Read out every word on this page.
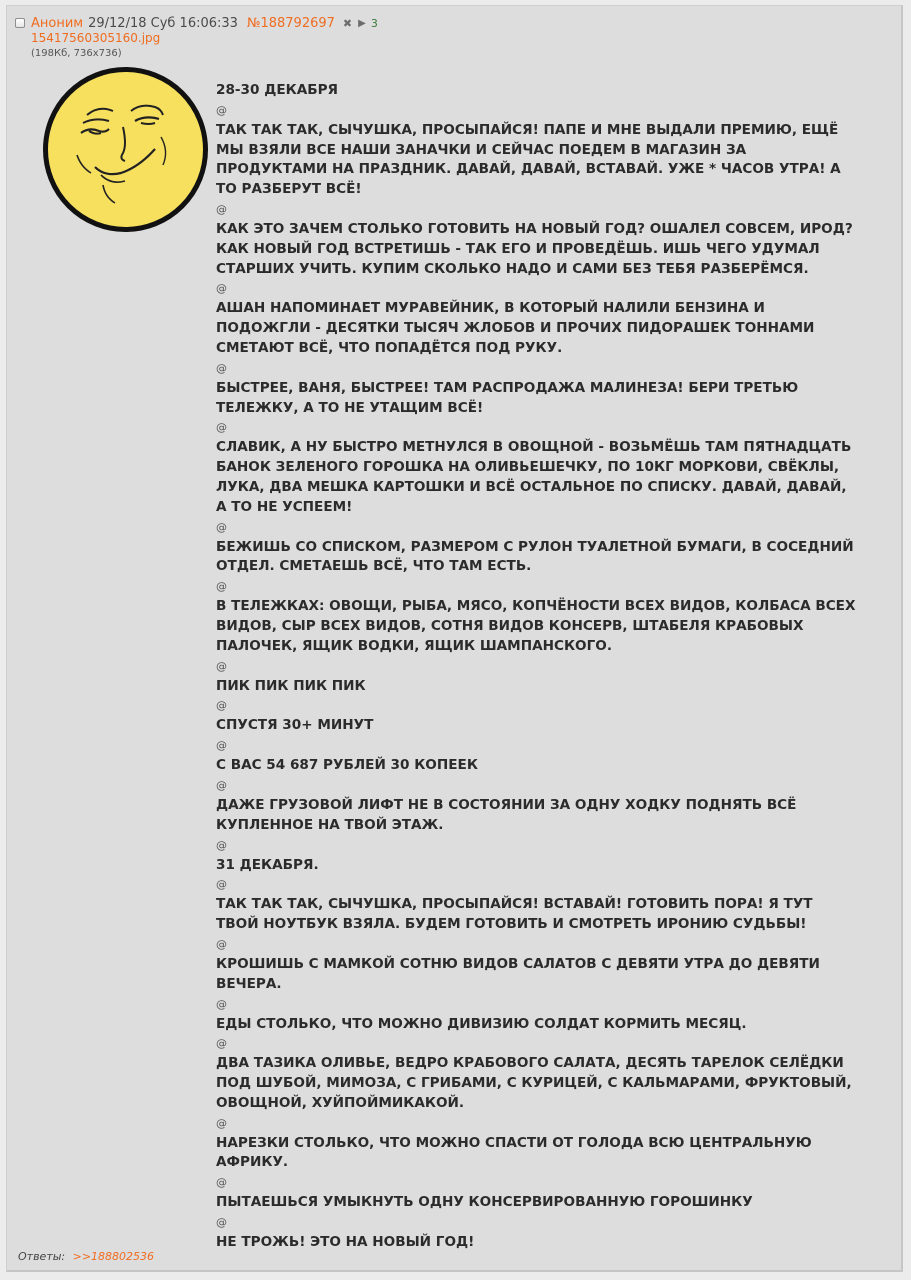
Аноним 29/12/18 Суб 16:06:33 №188792697 ✖ ▶ 3
15417560305160.jpg
(198Кб, 736x736)
28-30 ДЕКАБРЯ
@
ТАК ТАК ТАК, СЫЧУШКА, ПРОСЫПАЙСЯ! ПАПЕ И МНЕ ВЫДАЛИ ПРЕМИЮ, ЕЩЁ МЫ ВЗЯЛИ ВСЕ НАШИ ЗАНАЧКИ И СЕЙЧАС ПОЕДЕМ В МАГАЗИН ЗА ПРОДУКТАМИ НА ПРАЗДНИК. ДАВАЙ, ДАВАЙ, ВСТАВАЙ. УЖЕ * ЧАСОВ УТРА! А ТО РАЗБЕРУТ ВСЁ!
@
КАК ЭТО ЗАЧЕМ СТОЛЬКО ГОТОВИТЬ НА НОВЫЙ ГОД? ОШАЛЕЛ СОВСЕМ, ИРОД? КАК НОВЫЙ ГОД ВСТРЕТИШЬ - ТАК ЕГО И ПРОВЕДЁШЬ. ИШЬ ЧЕГО УДУМАЛ СТАРШИХ УЧИТЬ. КУПИМ СКОЛЬКО НАДО И САМИ БЕЗ ТЕБЯ РАЗБЕРЁМСЯ.
@
АШАН НАПОМИНАЕТ МУРАВЕЙНИК, В КОТОРЫЙ НАЛИЛИ БЕНЗИНА И ПОДОЖГЛИ - ДЕСЯТКИ ТЫСЯЧ ЖЛОБОВ И ПРОЧИХ ПИДОРАШЕК ТОННАМИ СМЕТАЮТ ВСЁ, ЧТО ПОПАДЁТСЯ ПОД РУКУ.
@
БЫСТРЕЕ, ВАНЯ, БЫСТРЕЕ! ТАМ РАСПРОДАЖА МАЛИНЕЗА! БЕРИ ТРЕТЬЮ ТЕЛЕЖКУ, А ТО НЕ УТАЩИМ ВСЁ!
@
СЛАВИК, А НУ БЫСТРО МЕТНУЛСЯ В ОВОЩНОЙ - ВОЗЬМЁШЬ ТАМ ПЯТНАДЦАТЬ БАНОК ЗЕЛЕНОГО ГОРОШКА НА ОЛИВЬЕШЕЧКУ, ПО 10КГ МОРКОВИ, СВЁКЛЫ, ЛУКА, ДВА МЕШКА КАРТОШКИ И ВСЁ ОСТАЛЬНОЕ ПО СПИСКУ. ДАВАЙ, ДАВАЙ, А ТО НЕ УСПЕЕМ!
@
БЕЖИШЬ СО СПИСКОМ, РАЗМЕРОМ С РУЛОН ТУАЛЕТНОЙ БУМАГИ, В СОСЕДНИЙ ОТДЕЛ. СМЕТАЕШЬ ВСЁ, ЧТО ТАМ ЕСТЬ.
@
В ТЕЛЕЖКАХ: ОВОЩИ, РЫБА, МЯСО, КОПЧЁНОСТИ ВСЕХ ВИДОВ, КОЛБАСА ВСЕХ ВИДОВ, СЫР ВСЕХ ВИДОВ, СОТНЯ ВИДОВ КОНСЕРВ, ШТАБЕЛЯ КРАБОВЫХ ПАЛОЧЕК, ЯЩИК ВОДКИ, ЯЩИК ШАМПАНСКОГО.
@
ПИК ПИК ПИК ПИК
@
СПУСТЯ 30+ МИНУТ
@
С ВАС 54 687 РУБЛЕЙ 30 КОПЕЕК
@
ДАЖЕ ГРУЗОВОЙ ЛИФТ НЕ В СОСТОЯНИИ ЗА ОДНУ ХОДКУ ПОДНЯТЬ ВСЁ КУПЛЕННОЕ НА ТВОЙ ЭТАЖ.
@
31 ДЕКАБРЯ.
@
ТАК ТАК ТАК, СЫЧУШКА, ПРОСЫПАЙСЯ! ВСТАВАЙ! ГОТОВИТЬ ПОРА! Я ТУТ ТВОЙ НОУТБУК ВЗЯЛА. БУДЕМ ГОТОВИТЬ И СМОТРЕТЬ ИРОНИЮ СУДЬБЫ!
@
КРОШИШЬ С МАМКОЙ СОТНЮ ВИДОВ САЛАТОВ С ДЕВЯТИ УТРА ДО ДЕВЯТИ ВЕЧЕРА.
@
ЕДЫ СТОЛЬКО, ЧТО МОЖНО ДИВИЗИЮ СОЛДАТ КОРМИТЬ МЕСЯЦ.
@
ДВА ТАЗИКА ОЛИВЬЕ, ВЕДРО КРАБОВОГО САЛАТА, ДЕСЯТЬ ТАРЕЛОК СЕЛЁДКИ ПОД ШУБОЙ, МИМОЗА, С ГРИБАМИ, С КУРИЦЕЙ, С КАЛЬМАРАМИ, ФРУКТОВЫЙ, ОВОЩНОЙ, ХУЙПОЙМИКАКОЙ.
@
НАРЕЗКИ СТОЛЬКО, ЧТО МОЖНО СПАСТИ ОТ ГОЛОДА ВСЮ ЦЕНТРАЛЬНУЮ АФРИКУ.
@
ПЫТАЕШЬСЯ УМЫКНУТЬ ОДНУ КОНСЕРВИРОВАННУЮ ГОРОШИНКУ
@
НЕ ТРОЖЬ! ЭТО НА НОВЫЙ ГОД!
Ответы: >>188802536
